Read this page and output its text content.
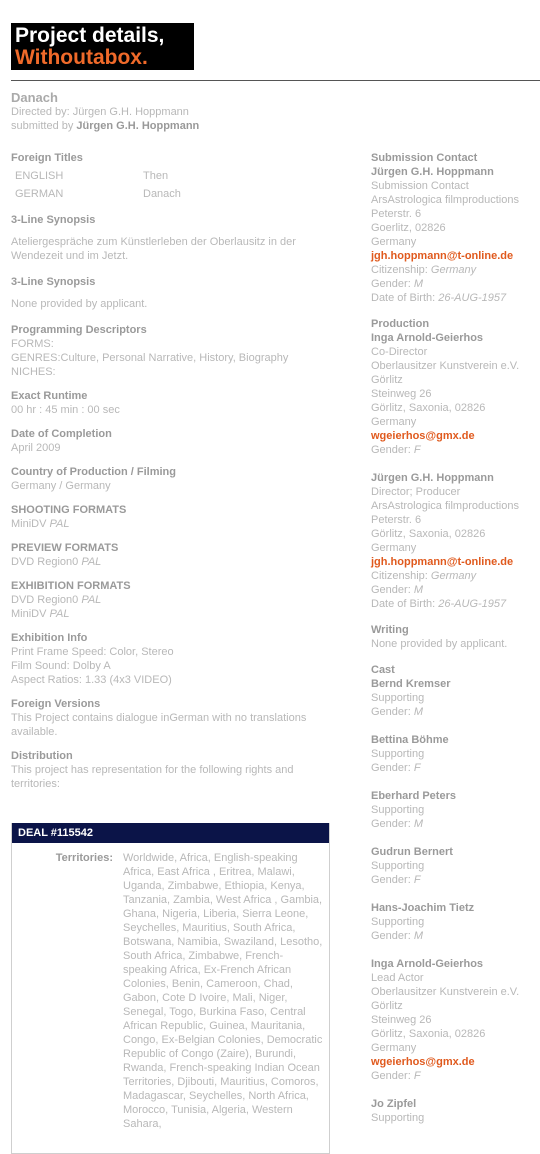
Project details,
Withoutabox.
Danach
Directed by: Jürgen G.H. Hoppmann
submitted by Jürgen G.H. Hoppmann
Foreign Titles
ENGLISH	Then
GERMAN	Danach
3-Line Synopsis
Ateliergespräche zum Künstlerleben der Oberlausitz in der Wendezeit und im Jetzt.
3-Line Synopsis
None provided by applicant.
Programming Descriptors
FORMS:
GENRES:Culture, Personal Narrative, History, Biography
NICHES:
Exact Runtime
00 hr : 45 min : 00 sec
Date of Completion
April 2009
Country of Production / Filming
Germany / Germany
SHOOTING FORMATS
MiniDV PAL
PREVIEW FORMATS
DVD Region0 PAL
EXHIBITION FORMATS
DVD Region0 PAL
MiniDV PAL
Exhibition Info
Print Frame Speed: Color, Stereo
Film Sound: Dolby A
Aspect Ratios: 1.33 (4x3 VIDEO)
Foreign Versions
This Project contains dialogue inGerman with no translations available.
Distribution
This project has representation for the following rights and territories:
DEAL #115542
Territories: Worldwide, Africa, English-speaking Africa, East Africa , Eritrea, Malawi, Uganda, Zimbabwe, Ethiopia, Kenya, Tanzania, Zambia, West Africa , Gambia, Ghana, Nigeria, Liberia, Sierra Leone, Seychelles, Mauritius, South Africa, Botswana, Namibia, Swaziland, Lesotho, South Africa, Zimbabwe, French-speaking Africa, Ex-French African Colonies, Benin, Cameroon, Chad, Gabon, Cote D Ivoire, Mali, Niger, Senegal, Togo, Burkina Faso, Central African Republic, Guinea, Mauritania, Congo, Ex-Belgian Colonies, Democratic Republic of Congo (Zaire), Burundi, Rwanda, French-speaking Indian Ocean Territories, Djibouti, Mauritius, Comoros, Madagascar, Seychelles, North Africa, Morocco, Tunisia, Algeria, Western Sahara,
Submission Contact
Jürgen G.H. Hoppmann
Submission Contact
ArsAstrologica filmproductions
Peterstr. 6
Goerlitz, 02826
Germany
jgh.hoppmann@t-online.de
Citizenship: Germany
Gender: M
Date of Birth: 26-AUG-1957
Production
Inga Arnold-Geierhos
Co-Director
Oberlausitzer Kunstverein e.V.
Görlitz
Steinweg 26
Görlitz, Saxonia, 02826
Germany
wgeierhos@gmx.de
Gender: F
Jürgen G.H. Hoppmann
Director; Producer
ArsAstrologica filmproductions
Peterstr. 6
Görlitz, Saxonia, 02826
Germany
jgh.hoppmann@t-online.de
Citizenship: Germany
Gender: M
Date of Birth: 26-AUG-1957
Writing
None provided by applicant.
Cast
Bernd Kremser
Supporting
Gender: M
Bettina Böhme
Supporting
Gender: F
Eberhard Peters
Supporting
Gender: M
Gudrun Bernert
Supporting
Gender: F
Hans-Joachim Tietz
Supporting
Gender: M
Inga Arnold-Geierhos
Lead Actor
Oberlausitzer Kunstverein e.V.
Görlitz
Steinweg 26
Görlitz, Saxonia, 02826
Germany
wgeierhos@gmx.de
Gender: F
Jo Zipfel
Supporting
